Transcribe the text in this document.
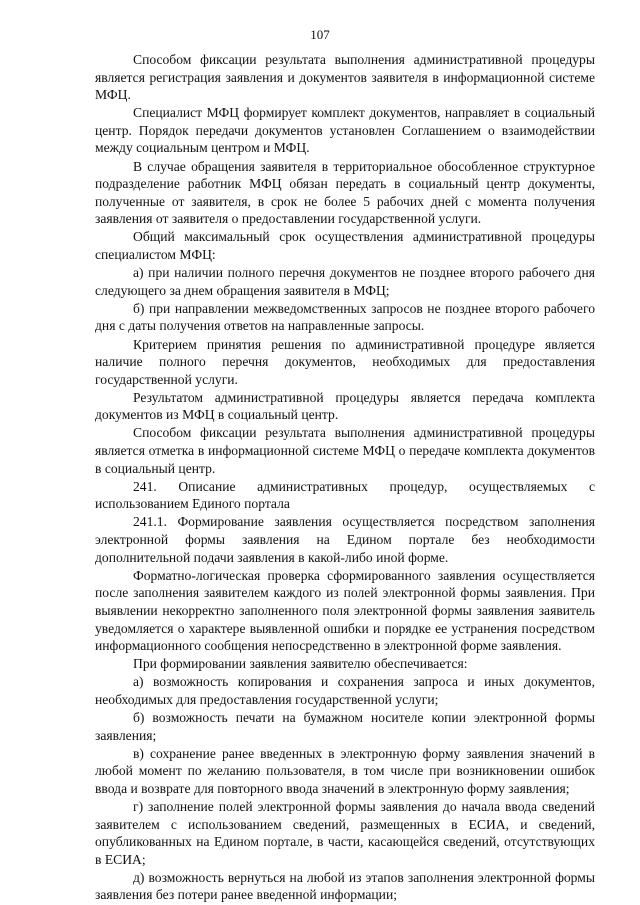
107

Способом фиксации результата выполнения административной процедуры является регистрация заявления и документов заявителя в информационной системе МФЦ.

Специалист МФЦ формирует комплект документов, направляет в социальный центр. Порядок передачи документов установлен Соглашением о взаимодействии между социальным центром и МФЦ.

В случае обращения заявителя в территориальное обособленное структурное подразделение работник МФЦ обязан передать в социальный центр документы, полученные от заявителя, в срок не более 5 рабочих дней с момента получения заявления от заявителя о предоставлении государственной услуги.

Общий максимальный срок осуществления административной процедуры специалистом МФЦ:

а) при наличии полного перечня документов не позднее второго рабочего дня следующего за днем обращения заявителя в МФЦ;

б) при направлении межведомственных запросов не позднее второго рабочего дня с даты получения ответов на направленные запросы.

Критерием принятия решения по административной процедуре является наличие полного перечня документов, необходимых для предоставления государственной услуги.

Результатом административной процедуры является передача комплекта документов из МФЦ в социальный центр.

Способом фиксации результата выполнения административной процедуры является отметка в информационной системе МФЦ о передаче комплекта документов в социальный центр.

241. Описание административных процедур, осуществляемых с использованием Единого портала

241.1. Формирование заявления осуществляется посредством заполнения электронной формы заявления на Едином портале без необходимости дополнительной подачи заявления в какой-либо иной форме.

Форматно-логическая проверка сформированного заявления осуществляется после заполнения заявителем каждого из полей электронной формы заявления. При выявлении некорректно заполненного поля электронной формы заявления заявитель уведомляется о характере выявленной ошибки и порядке ее устранения посредством информационного сообщения непосредственно в электронной форме заявления.

При формировании заявления заявителю обеспечивается:

а) возможность копирования и сохранения запроса и иных документов, необходимых для предоставления государственной услуги;

б) возможность печати на бумажном носителе копии электронной формы заявления;

в) сохранение ранее введенных в электронную форму заявления значений в любой момент по желанию пользователя, в том числе при возникновении ошибок ввода и возврате для повторного ввода значений в электронную форму заявления;

г) заполнение полей электронной формы заявления до начала ввода сведений заявителем с использованием сведений, размещенных в ЕСИА, и сведений, опубликованных на Едином портале, в части, касающейся сведений, отсутствующих в ЕСИА;

д) возможность вернуться на любой из этапов заполнения электронной формы заявления без потери ранее введенной информации;
